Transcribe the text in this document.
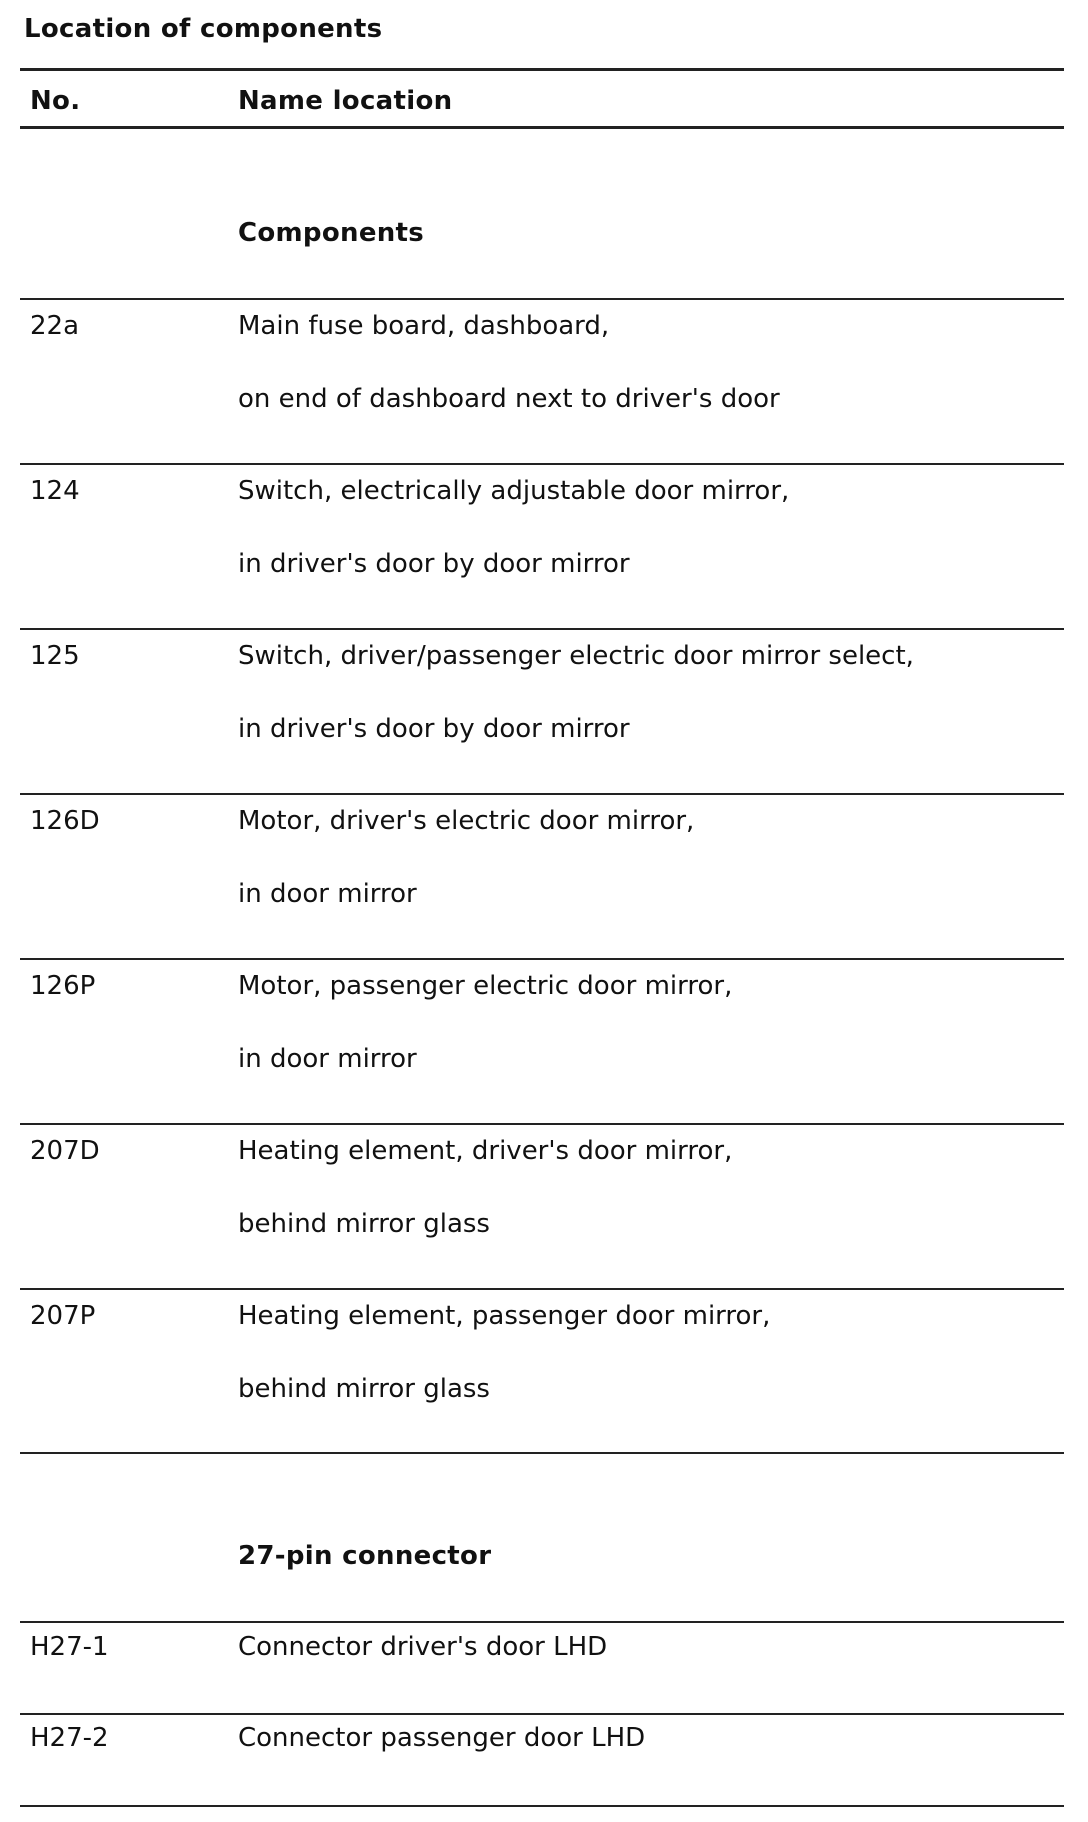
Location of components
No.	Name location
Components
22a	Main fuse board, dashboard,
on end of dashboard next to driver's door
124	Switch, electrically adjustable door mirror,
in driver's door by door mirror
125	Switch, driver/passenger electric door mirror select,
in driver's door by door mirror
126D	Motor, driver's electric door mirror,
in door mirror
126P	Motor, passenger electric door mirror,
in door mirror
207D	Heating element, driver's door mirror,
behind mirror glass
207P	Heating element, passenger door mirror,
behind mirror glass
27-pin connector
H27-1	Connector driver's door LHD
H27-2	Connector passenger door LHD
